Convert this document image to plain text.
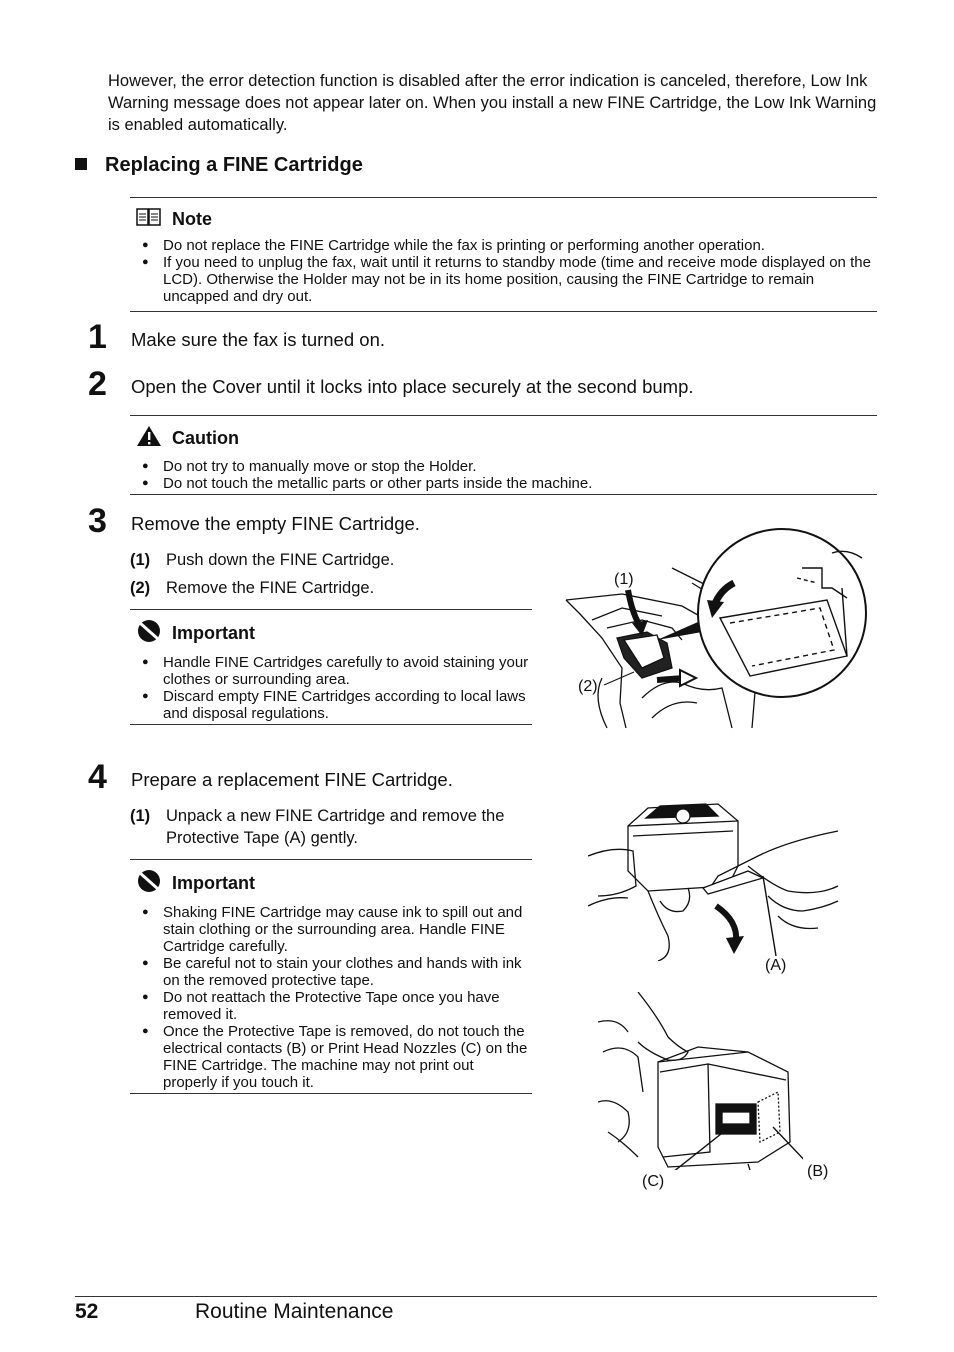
However, the error detection function is disabled after the error indication is canceled, therefore, Low Ink Warning message does not appear later on. When you install a new FINE Cartridge, the Low Ink Warning is enabled automatically.
Replacing a FINE Cartridge
Note
● Do not replace the FINE Cartridge while the fax is printing or performing another operation.
● If you need to unplug the fax, wait until it returns to standby mode (time and receive mode displayed on the LCD). Otherwise the Holder may not be in its home position, causing the FINE Cartridge to remain uncapped and dry out.
1 Make sure the fax is turned on.
2 Open the Cover until it locks into place securely at the second bump.
Caution
● Do not try to manually move or stop the Holder.
● Do not touch the metallic parts or other parts inside the machine.
3 Remove the empty FINE Cartridge.
(1) Push down the FINE Cartridge.
(2) Remove the FINE Cartridge.
Important
● Handle FINE Cartridges carefully to avoid staining your clothes or surrounding area.
● Discard empty FINE Cartridges according to local laws and disposal regulations.
(1)
(2)
4 Prepare a replacement FINE Cartridge.
(1) Unpack a new FINE Cartridge and remove the Protective Tape (A) gently.
Important
● Shaking FINE Cartridge may cause ink to spill out and stain clothing or the surrounding area. Handle FINE Cartridge carefully.
● Be careful not to stain your clothes and hands with ink on the removed protective tape.
● Do not reattach the Protective Tape once you have removed it.
● Once the Protective Tape is removed, do not touch the electrical contacts (B) or Print Head Nozzles (C) on the FINE Cartridge. The machine may not print out properly if you touch it.
(A)
(B)
(C)
52	Routine Maintenance
